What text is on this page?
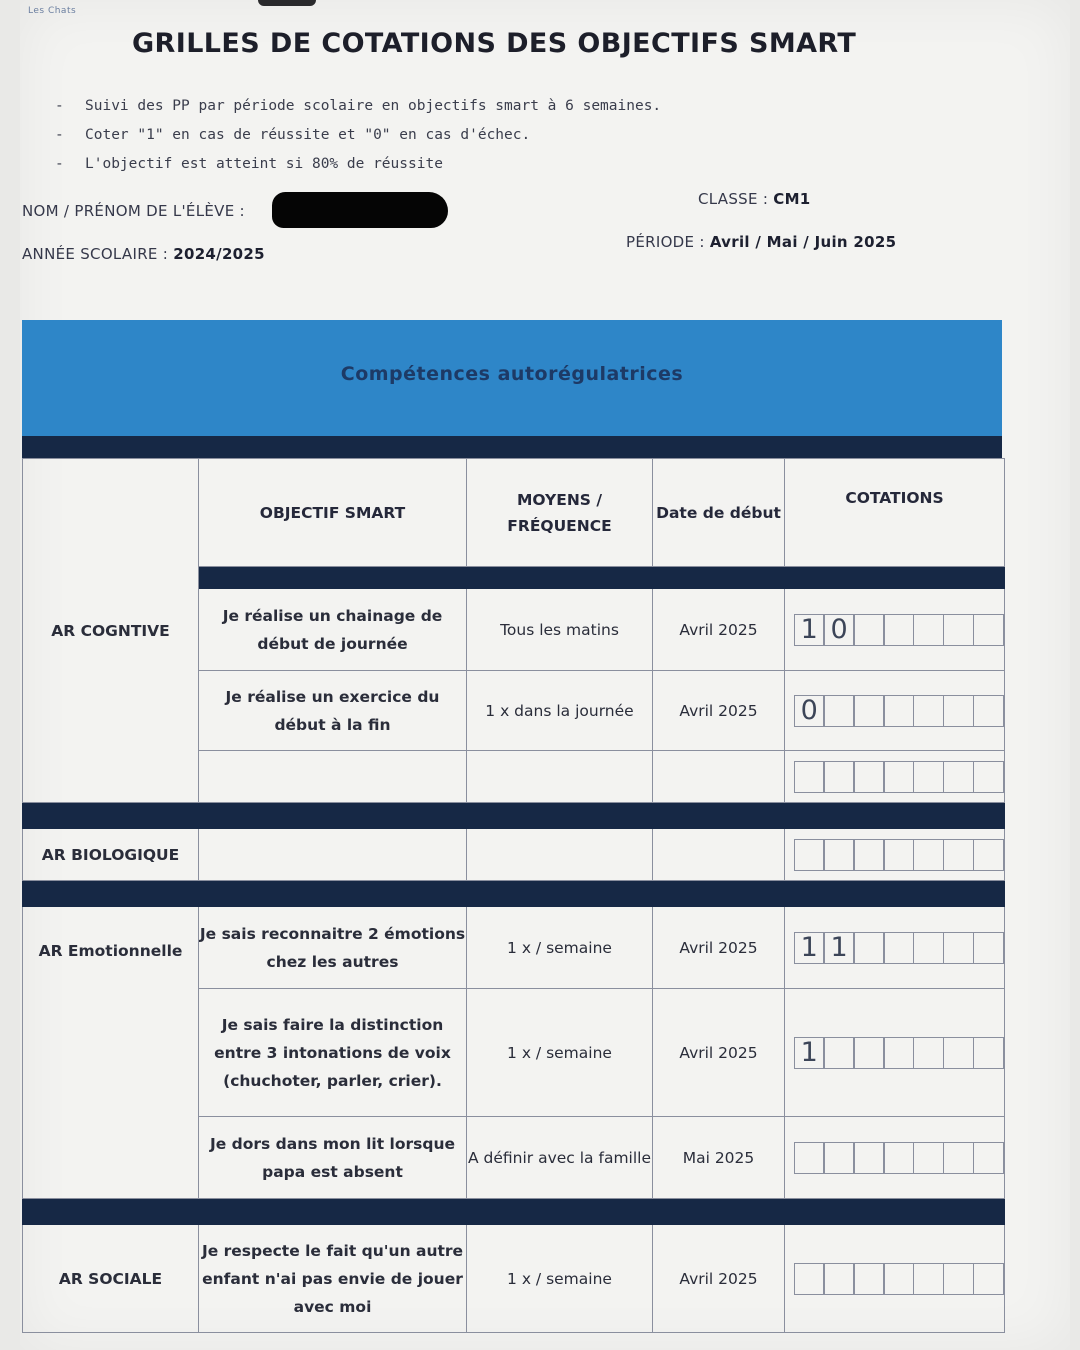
Les Chats
GRILLES DE COTATIONS DES OBJECTIFS SMART
- Suivi des PP par période scolaire en objectifs smart à 6 semaines.
- Coter "1" en cas de réussite et "0" en cas d'échec.
- L'objectif est atteint si 80% de réussite
NOM / PRÉNOM DE L'ÉLÈVE :
CLASSE : CM1
ANNÉE SCOLAIRE : 2024/2025
PÉRIODE : Avril / Mai / Juin 2025
Compétences autorégulatrices
AR COGNTIVE	OBJECTIF SMART	MOYENS / FRÉQUENCE	Date de début	COTATIONS

	Je réalise un chainage de début de journée	Tous les matins	Avril 2025	1 0

	Je réalise un exercice du début à la fin	1 x dans la journée	Avril 2025	0

AR BIOLOGIQUE				

AR Emotionnelle	Je sais reconnaitre 2 émotions chez les autres	1 x / semaine	Avril 2025	1 1

	Je sais faire la distinction entre 3 intonations de voix (chuchoter, parler, crier).	1 x / semaine	Avril 2025	1

	Je dors dans mon lit lorsque papa est absent	A définir avec la famille	Mai 2025	

AR SOCIALE	Je respecte le fait qu'un autre enfant n'ai pas envie de jouer avec moi	1 x / semaine	Avril 2025	
